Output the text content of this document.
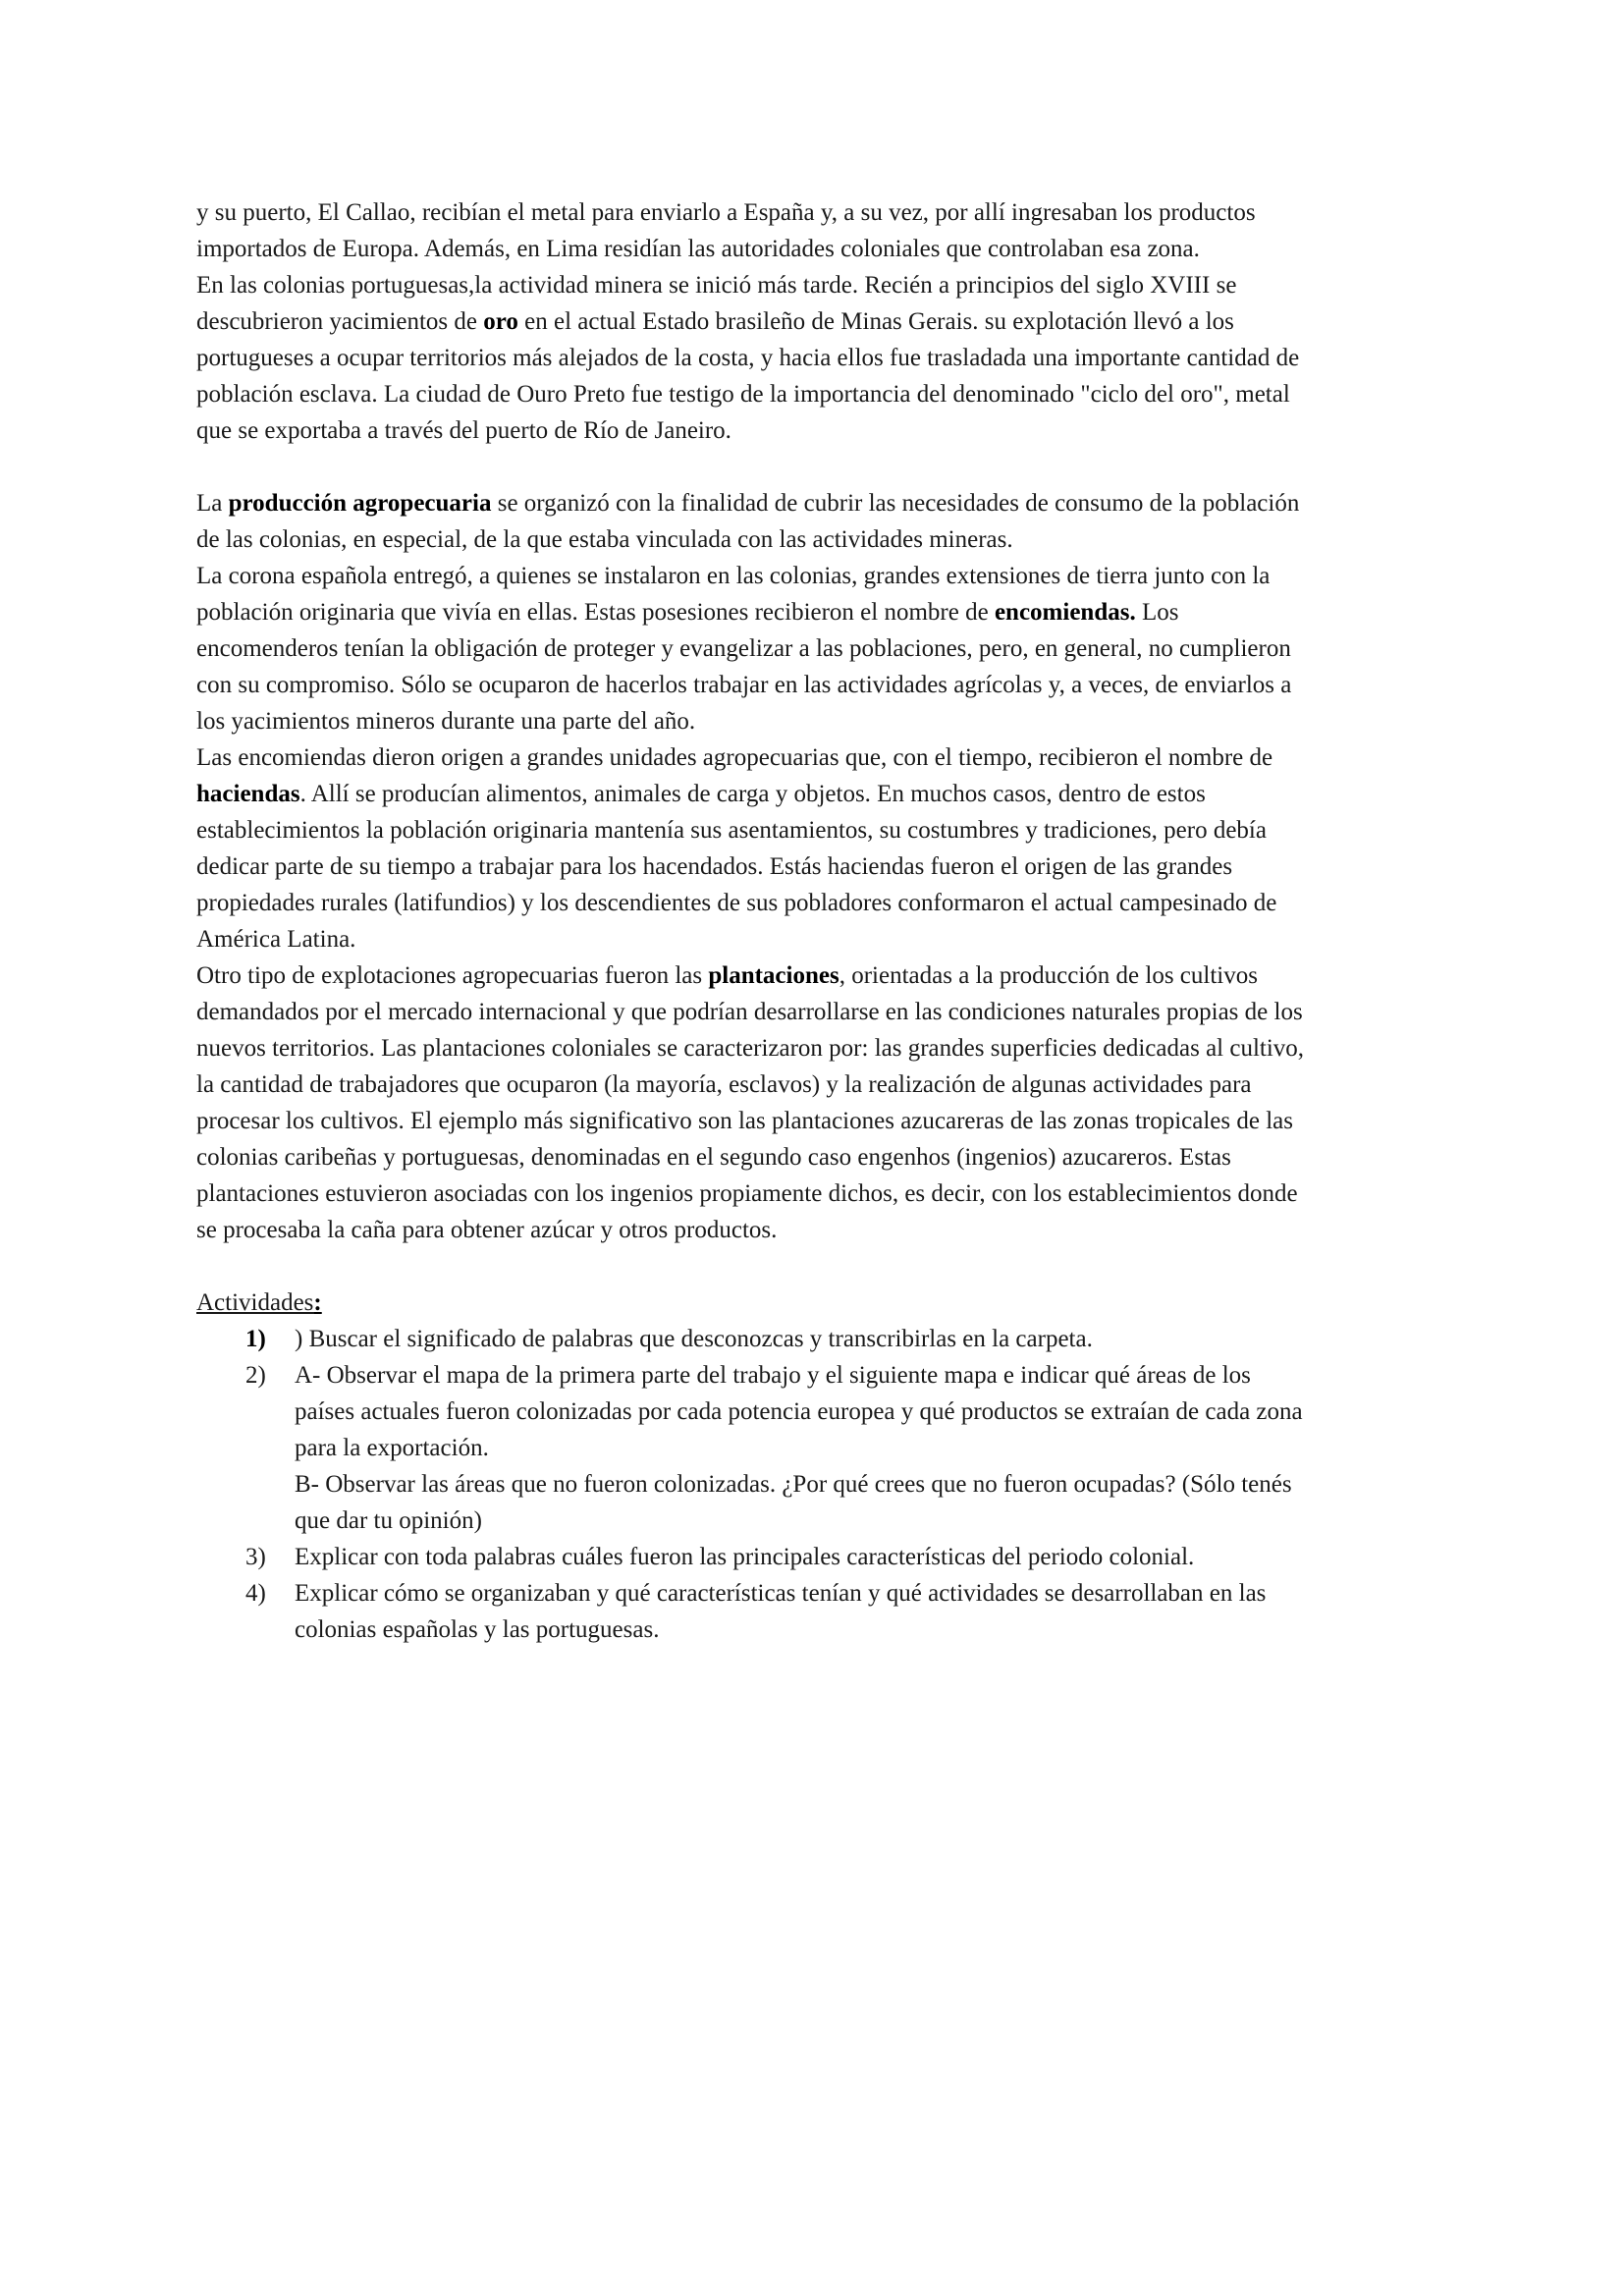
y su puerto, El Callao, recibían el metal para enviarlo a España y, a su vez, por allí ingresaban los productos
importados de Europa. Además, en Lima residían las autoridades coloniales que controlaban esa zona.
En las colonias portuguesas,la actividad minera se inició más tarde. Recién a principios del siglo XVIII se
descubrieron yacimientos de oro en el actual Estado brasileño de Minas Gerais. su explotación llevó a los
portugueses a ocupar territorios más alejados de la costa, y hacia ellos fue trasladada una importante cantidad de
población esclava. La ciudad de Ouro Preto fue testigo de la importancia del denominado "ciclo del oro", metal
que se exportaba a través del puerto de Río de Janeiro.
La producción agropecuaria se organizó con la finalidad de cubrir las necesidades de consumo de la población
de las colonias, en especial, de la que estaba vinculada con las actividades mineras.
La corona española entregó, a quienes se instalaron en las colonias, grandes extensiones de tierra junto con la
población originaria que vivía en ellas. Estas posesiones recibieron el nombre de encomiendas. Los
encomenderos tenían la obligación de proteger y evangelizar a las poblaciones, pero, en general, no cumplieron
con su compromiso. Sólo se ocuparon de hacerlos trabajar en las actividades agrícolas y, a veces, de enviarlos a
los yacimientos mineros durante una parte del año.
Las encomiendas dieron origen a grandes unidades agropecuarias que, con el tiempo, recibieron el nombre de
haciendas. Allí se producían alimentos, animales de carga y objetos. En muchos casos, dentro de estos
establecimientos la población originaria mantenía sus asentamientos, su costumbres y tradiciones, pero debía
dedicar parte de su tiempo a trabajar para los hacendados. Estás haciendas fueron el origen de las grandes
propiedades rurales (latifundios) y los descendientes de sus pobladores conformaron el actual campesinado de
América Latina.
Otro tipo de explotaciones agropecuarias fueron las plantaciones, orientadas a la producción de los cultivos
demandados por el mercado internacional y que podrían desarrollarse en las condiciones naturales propias de los
nuevos territorios. Las plantaciones coloniales se caracterizaron por: las grandes superficies dedicadas al cultivo,
la cantidad de trabajadores que ocuparon (la mayoría, esclavos) y la realización de algunas actividades para
procesar los cultivos. El ejemplo más significativo son las plantaciones azucareras de las zonas tropicales de las
colonias caribeñas y portuguesas, denominadas en el segundo caso engenhos (ingenios) azucareros. Estas
plantaciones estuvieron asociadas con los ingenios propiamente dichos, es decir, con los establecimientos donde
se procesaba la caña para obtener azúcar y otros productos.
Actividades:
1) ) Buscar el significado de palabras que desconozcas y transcribirlas en la carpeta.
2) A- Observar el mapa de la primera parte del trabajo y el siguiente mapa e indicar qué áreas de los
países actuales fueron colonizadas por cada potencia europea y qué productos se extraían de cada zona
para la exportación.
B- Observar las áreas que no fueron colonizadas. ¿Por qué crees que no fueron ocupadas? (Sólo tenés
que dar tu opinión)
3) Explicar con toda palabras cuáles fueron las principales características del periodo colonial.
4) Explicar cómo se organizaban y qué características tenían y qué actividades se desarrollaban en las
colonias españolas y las portuguesas.
